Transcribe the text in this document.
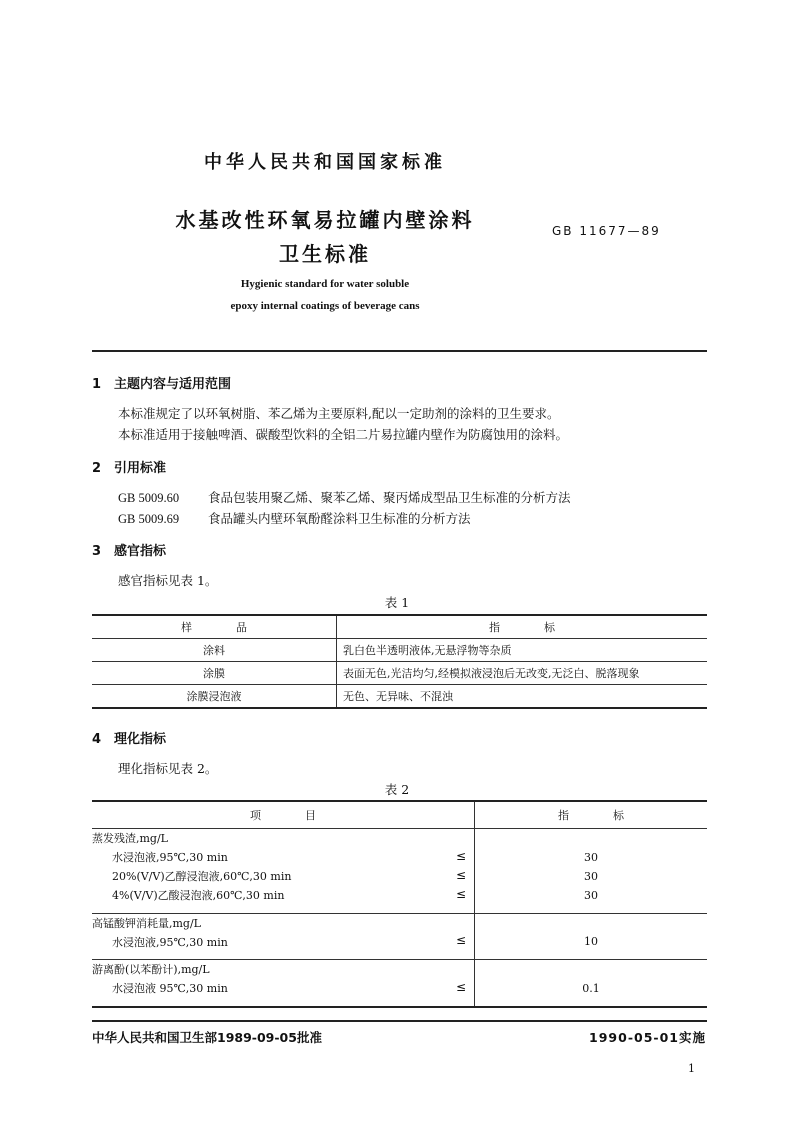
中华人民共和国国家标准
水基改性环氧易拉罐内壁涂料
卫生标准
GB 11677—89
Hygienic standard for water soluble
epoxy internal coatings of beverage cans
1 主题内容与适用范围
本标准规定了以环氧树脂、苯乙烯为主要原料,配以一定助剂的涂料的卫生要求。
本标准适用于接触啤酒、碳酸型饮料的全铝二片易拉罐内壁作为防腐蚀用的涂料。
2 引用标准
GB 5009.60 食品包装用聚乙烯、聚苯乙烯、聚丙烯成型品卫生标准的分析方法
GB 5009.69 食品罐头内壁环氧酚醛涂料卫生标准的分析方法
3 感官指标
感官指标见表 1。
表 1
样　　　　品	指　　　　标
涂料	乳白色半透明液体,无悬浮物等杂质
涂膜	表面无色,光洁均匀,经模拟液浸泡后无改变,无泛白、脱落现象
涂膜浸泡液	无色、无异味、不混浊
4 理化指标
理化指标见表 2。
表 2
项　　　　目	指　　　　标
蒸发残渣,mg/L	
水浸泡液,95℃,30 min ≤	30
20%(V/V)乙醇浸泡液,60℃,30 min ≤	30
4%(V/V)乙酸浸泡液,60℃,30 min ≤	30

高锰酸钾消耗量,mg/L	
水浸泡液,95℃,30 min ≤	10

游离酚(以苯酚计),mg/L	
水浸泡液 95℃,30 min ≤	0.1

中华人民共和国卫生部1989-09-05批准	1990-05-01实施
1
